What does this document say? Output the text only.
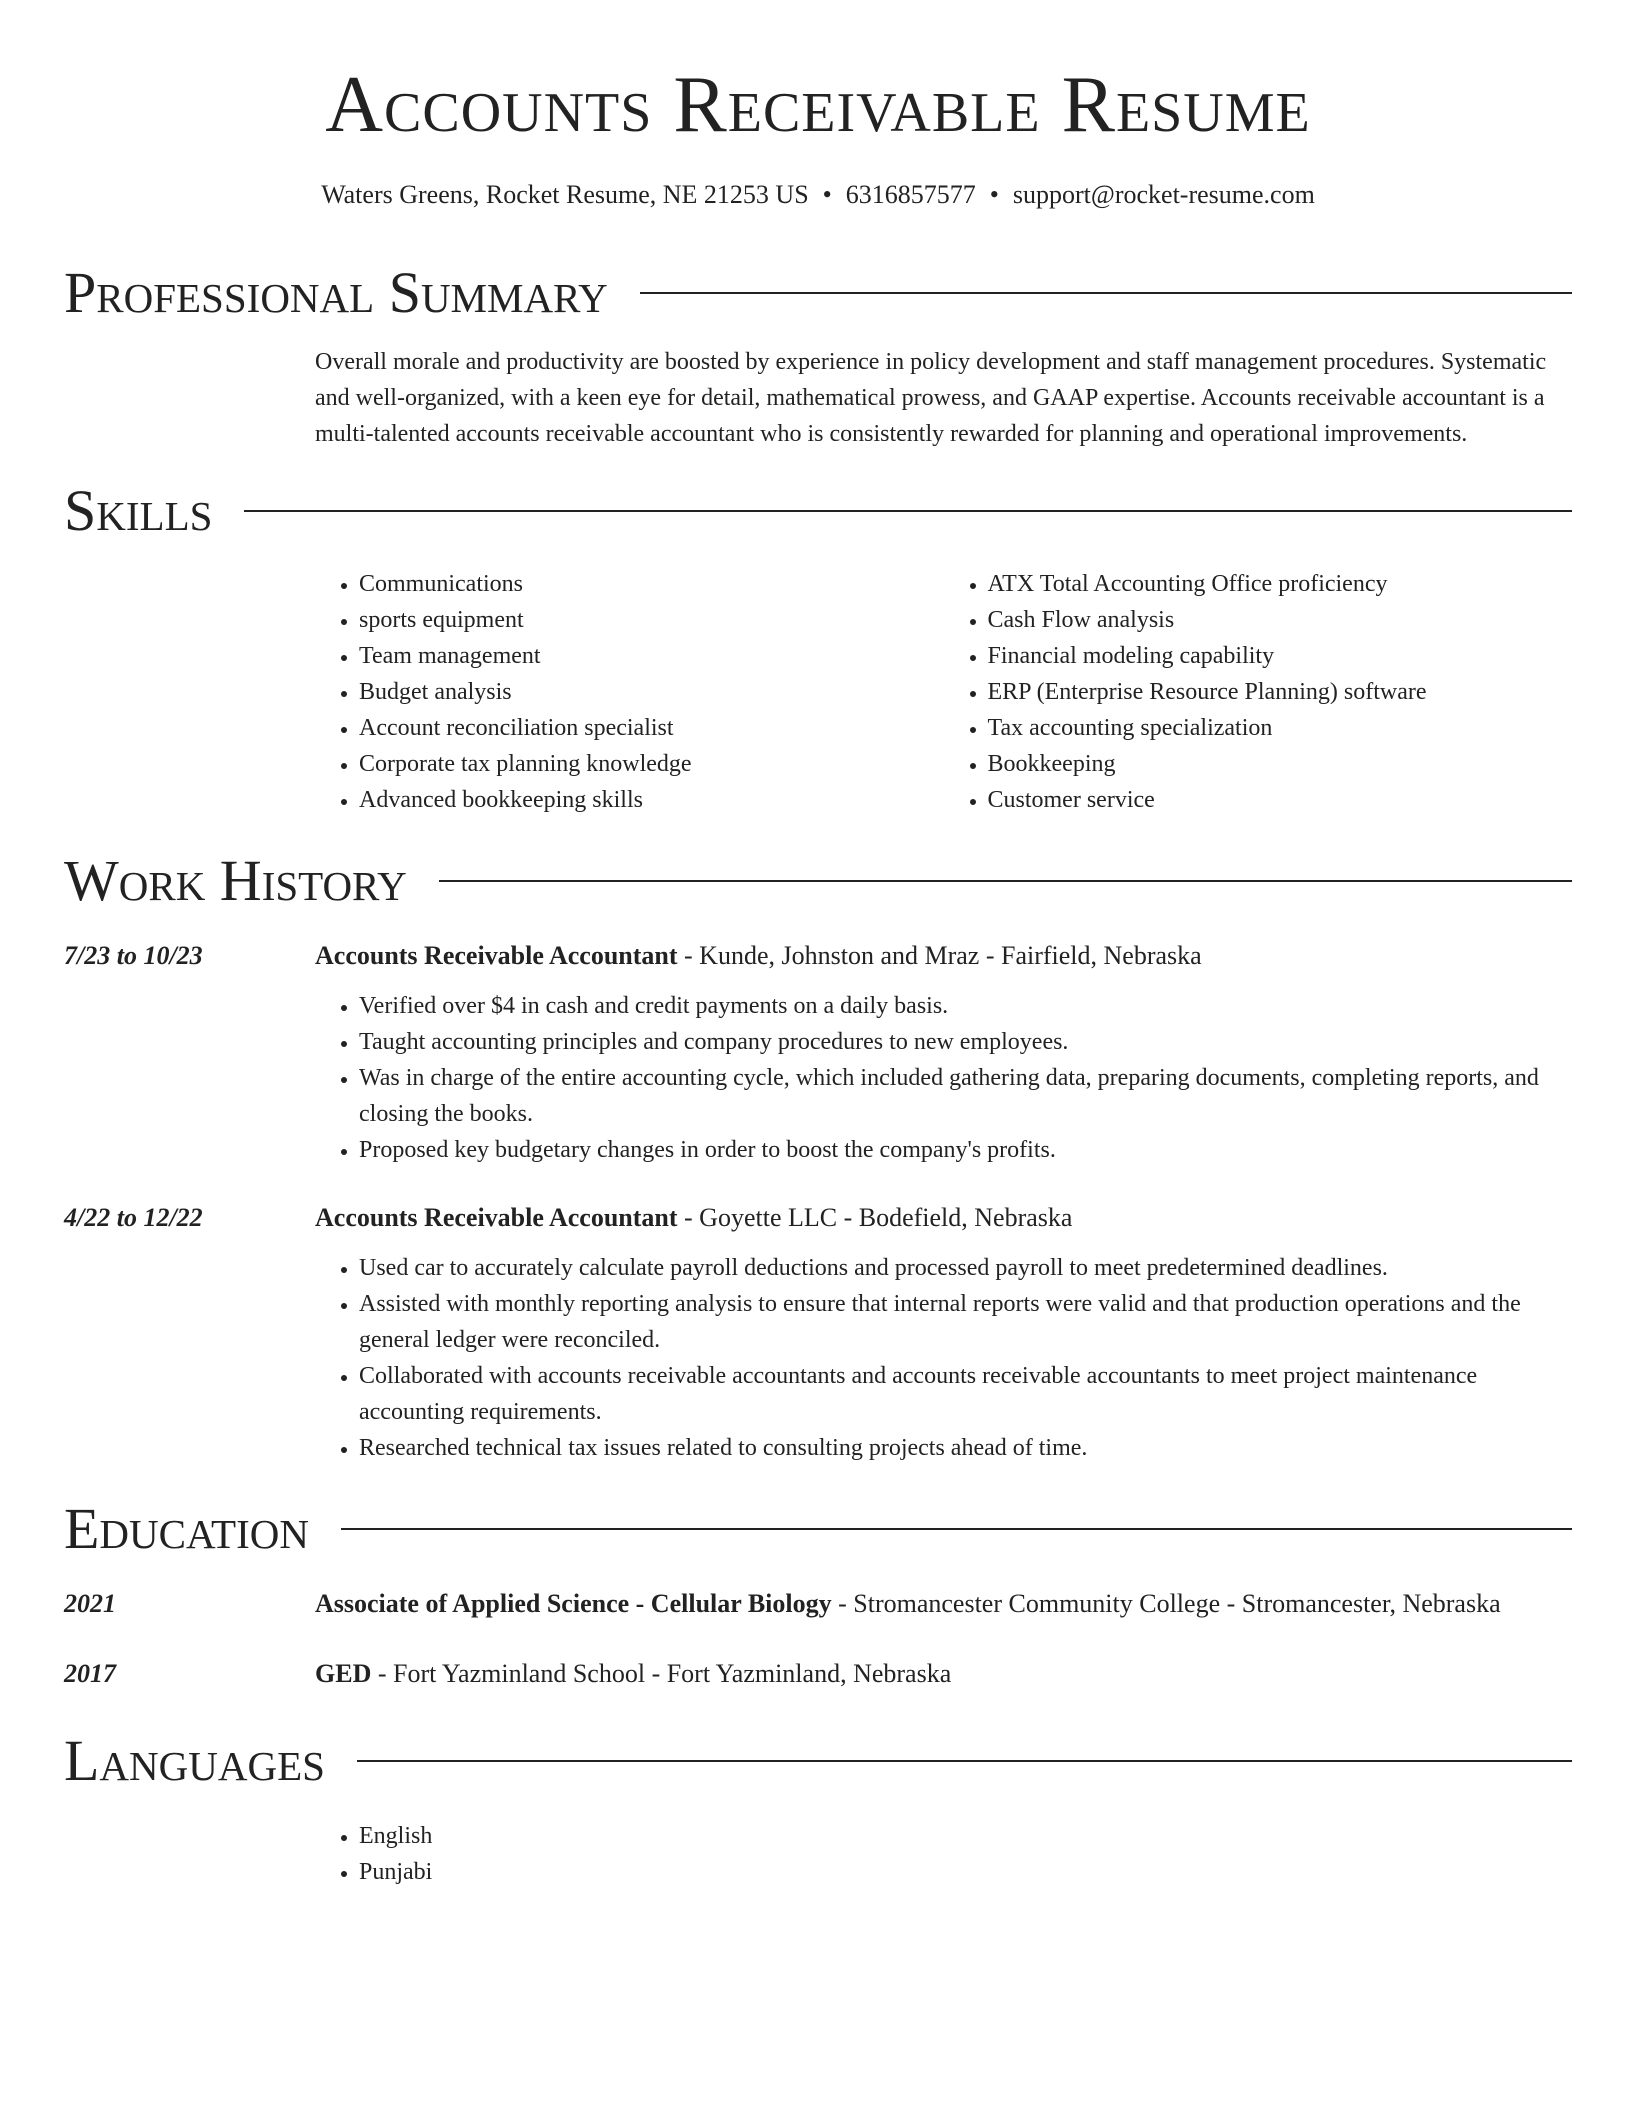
Accounts Receivable Resume
Waters Greens, Rocket Resume, NE 21253 US • 6316857577 • support@rocket-resume.com
Professional Summary
Overall morale and productivity are boosted by experience in policy development and staff management procedures. Systematic and well-organized, with a keen eye for detail, mathematical prowess, and GAAP expertise. Accounts receivable accountant is a multi-talented accounts receivable accountant who is consistently rewarded for planning and operational improvements.
Skills
• Communications
• sports equipment
• Team management
• Budget analysis
• Account reconciliation specialist
• Corporate tax planning knowledge
• Advanced bookkeeping skills
• ATX Total Accounting Office proficiency
• Cash Flow analysis
• Financial modeling capability
• ERP (Enterprise Resource Planning) software
• Tax accounting specialization
• Bookkeeping
• Customer service
Work History
7/23 to 10/23	Accounts Receivable Accountant - Kunde, Johnston and Mraz - Fairfield, Nebraska
• Verified over $4 in cash and credit payments on a daily basis.
• Taught accounting principles and company procedures to new employees.
• Was in charge of the entire accounting cycle, which included gathering data, preparing documents, completing reports, and closing the books.
• Proposed key budgetary changes in order to boost the company's profits.
4/22 to 12/22	Accounts Receivable Accountant - Goyette LLC - Bodefield, Nebraska
• Used car to accurately calculate payroll deductions and processed payroll to meet predetermined deadlines.
• Assisted with monthly reporting analysis to ensure that internal reports were valid and that production operations and the general ledger were reconciled.
• Collaborated with accounts receivable accountants and accounts receivable accountants to meet project maintenance accounting requirements.
• Researched technical tax issues related to consulting projects ahead of time.
Education
2021	Associate of Applied Science - Cellular Biology - Stromancester Community College - Stromancester, Nebraska
2017	GED - Fort Yazminland School - Fort Yazminland, Nebraska
Languages
• English
• Punjabi
